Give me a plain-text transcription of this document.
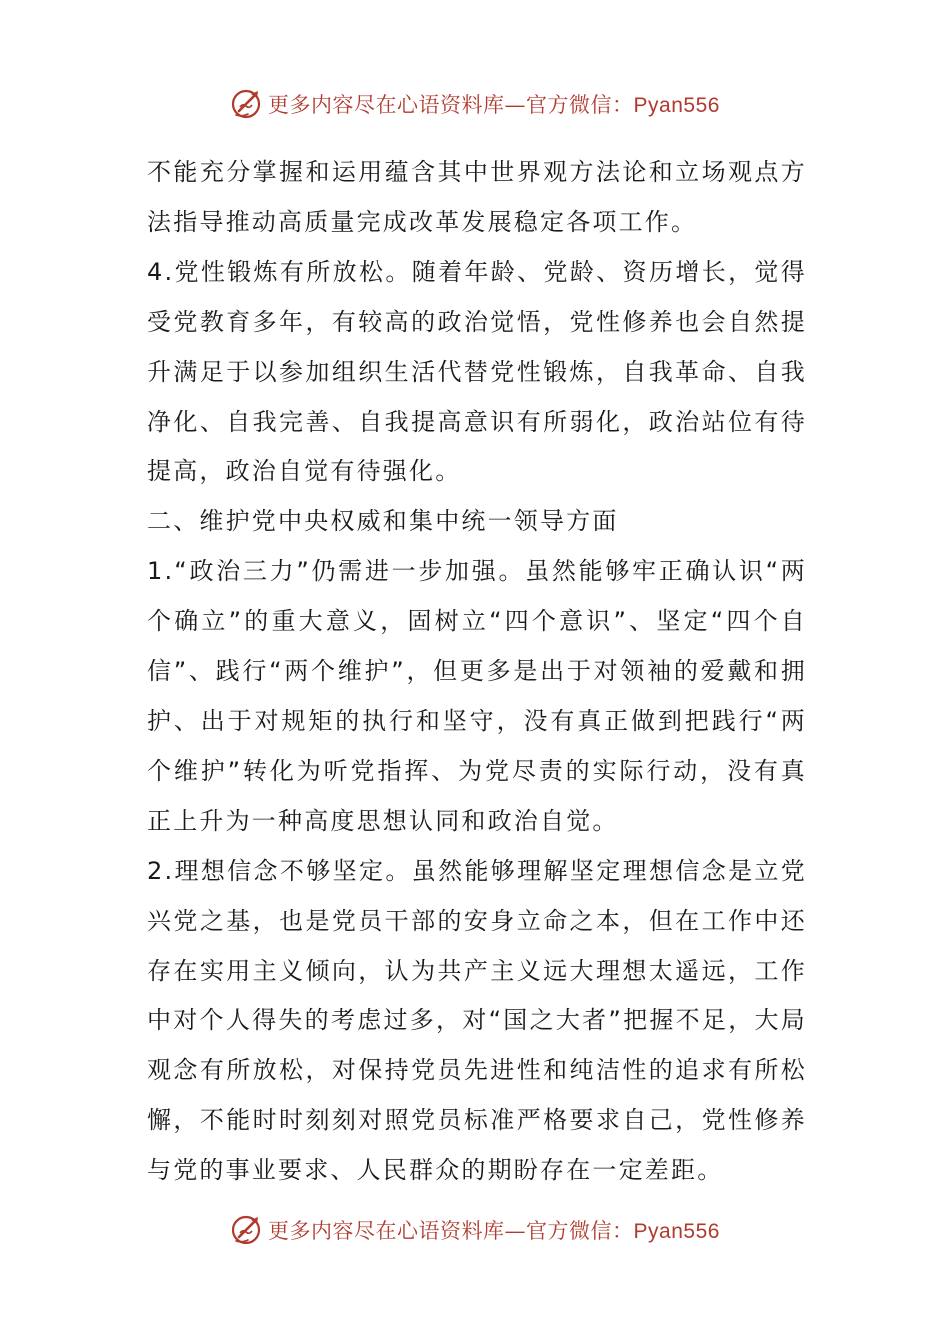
更多内容尽在心语资料库—官方微信：Pyan556

不能充分掌握和运用蕴含其中世界观方法论和立场观点方法指导推动高质量完成改革发展稳定各项工作。

4.党性锻炼有所放松。随着年龄、党龄、资历增长，觉得受党教育多年，有较高的政治觉悟，党性修养也会自然提升满足于以参加组织生活代替党性锻炼，自我革命、自我净化、自我完善、自我提高意识有所弱化，政治站位有待提高，政治自觉有待强化。

二、维护党中央权威和集中统一领导方面

1.“政治三力”仍需进一步加强。虽然能够牢正确认识“两个确立”的重大意义，固树立“四个意识”、坚定“四个自信”、践行“两个维护”，但更多是出于对领袖的爱戴和拥护、出于对规矩的执行和坚守，没有真正做到把践行“两个维护”转化为听党指挥、为党尽责的实际行动，没有真正上升为一种高度思想认同和政治自觉。

2.理想信念不够坚定。虽然能够理解坚定理想信念是立党兴党之基，也是党员干部的安身立命之本，但在工作中还存在实用主义倾向，认为共产主义远大理想太遥远，工作中对个人得失的考虑过多，对“国之大者”把握不足，大局观念有所放松，对保持党员先进性和纯洁性的追求有所松懈，不能时时刻刻对照党员标准严格要求自己，党性修养与党的事业要求、人民群众的期盼存在一定差距。

更多内容尽在心语资料库—官方微信：Pyan556
